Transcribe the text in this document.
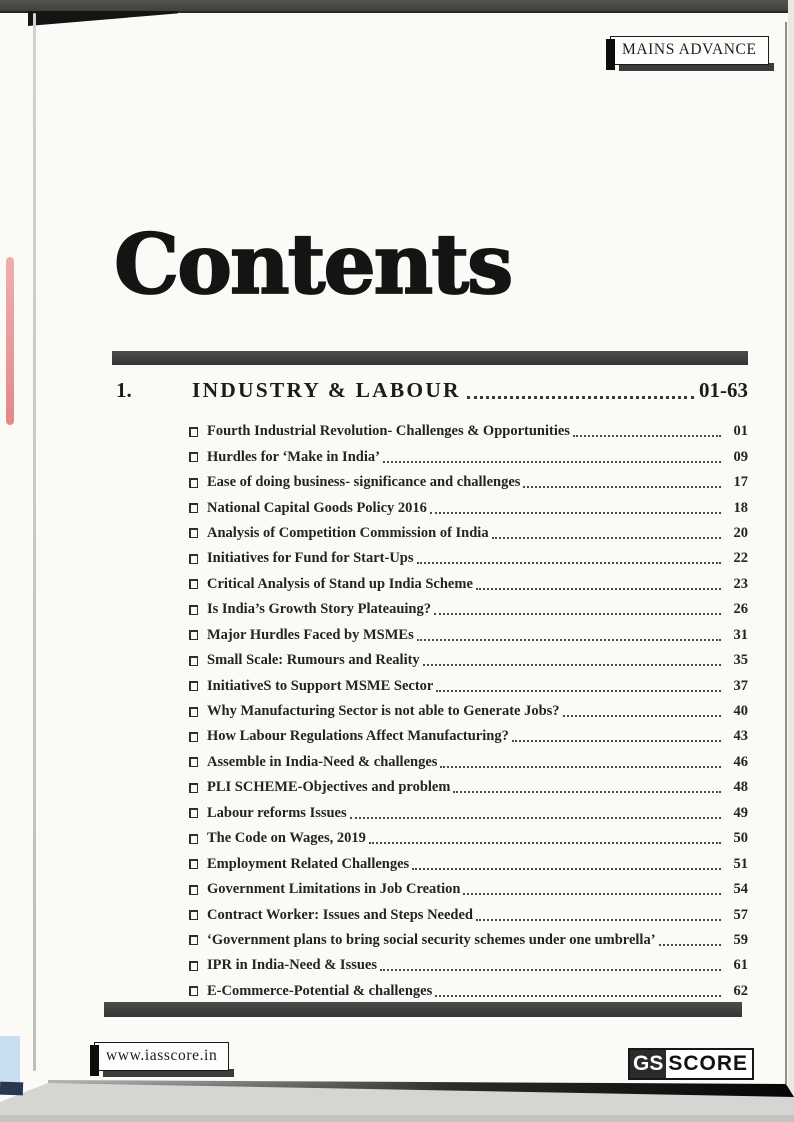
MAINS ADVANCE
Contents
1.	INDUSTRY & LABOUR	01-63
Fourth Industrial Revolution- Challenges & Opportunities	01
Hurdles for ‘Make in India’	09
Ease of doing business- significance and challenges	17
National Capital Goods Policy 2016	18
Analysis of Competition Commission of India	20
Initiatives for Fund for Start-Ups	22
Critical Analysis of Stand up India Scheme	23
Is India’s Growth Story Plateauing?	26
Major Hurdles Faced by MSMEs	31
Small Scale: Rumours and Reality	35
InitiativeS to Support MSME Sector	37
Why Manufacturing Sector is not able to Generate Jobs?	40
How Labour Regulations Affect Manufacturing?	43
Assemble in India-Need & challenges	46
PLI SCHEME-Objectives and problem	48
Labour reforms Issues	49
The Code on Wages, 2019	50
Employment Related Challenges	51
Government Limitations in Job Creation	54
Contract Worker: Issues and Steps Needed	57
‘Government plans to bring social security schemes under one umbrella’	59
IPR in India-Need & Issues	61
E-Commerce-Potential & challenges	62
www.iasscore.in	GS SCORE
